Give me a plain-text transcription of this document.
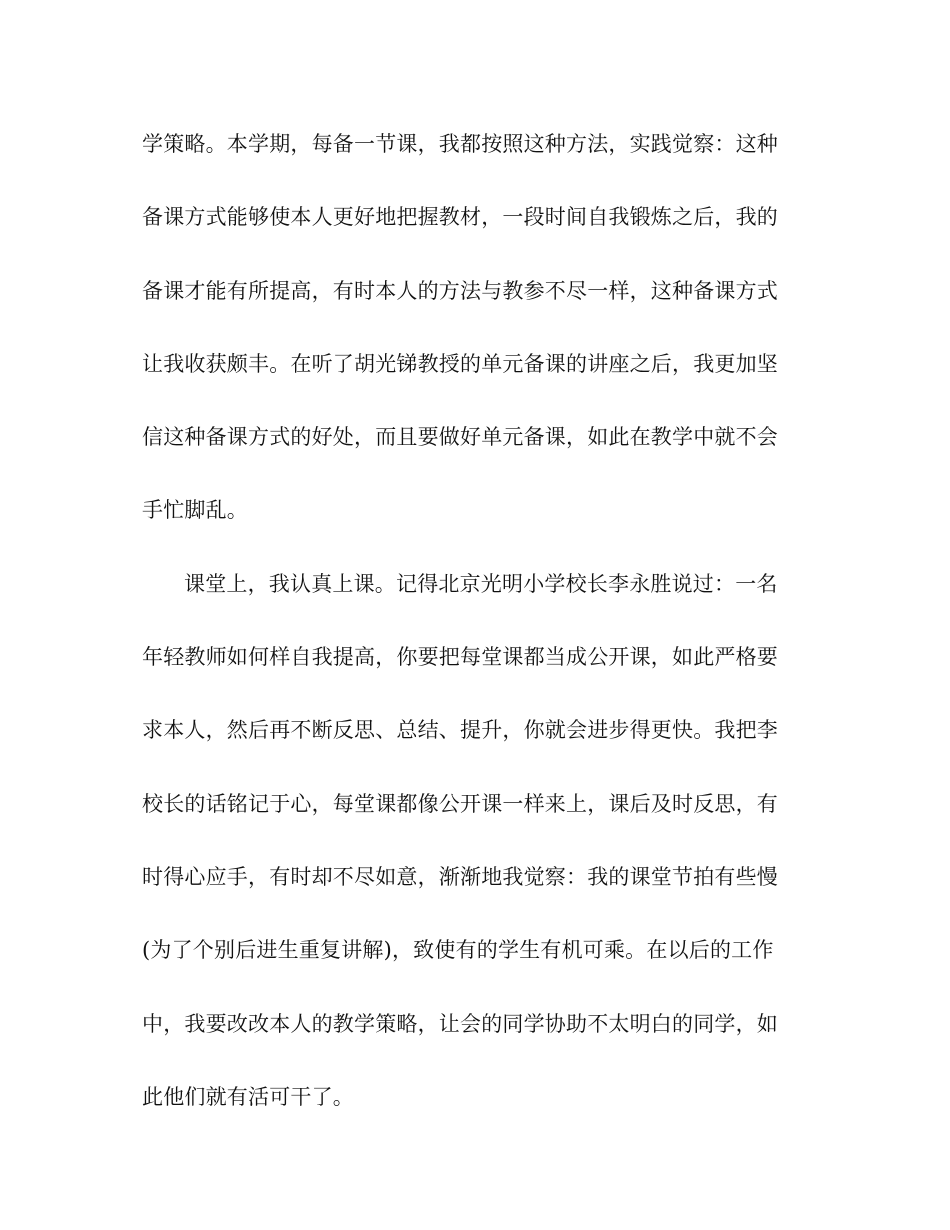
学策略。本学期，每备一节课，我都按照这种方法，实践觉察：这种
备课方式能够使本人更好地把握教材，一段时间自我锻炼之后，我的
备课才能有所提高，有时本人的方法与教参不尽一样，这种备课方式
让我收获颇丰。在听了胡光锑教授的单元备课的讲座之后，我更加坚
信这种备课方式的好处，而且要做好单元备课，如此在教学中就不会
手忙脚乱。
课堂上，我认真上课。记得北京光明小学校长李永胜说过：一名
年轻教师如何样自我提高，你要把每堂课都当成公开课，如此严格要
求本人，然后再不断反思、总结、提升，你就会进步得更快。我把李
校长的话铭记于心，每堂课都像公开课一样来上，课后及时反思，有
时得心应手，有时却不尽如意，渐渐地我觉察：我的课堂节拍有些慢
(为了个别后进生重复讲解)，致使有的学生有机可乘。在以后的工作
中，我要改改本人的教学策略，让会的同学协助不太明白的同学，如
此他们就有活可干了。
